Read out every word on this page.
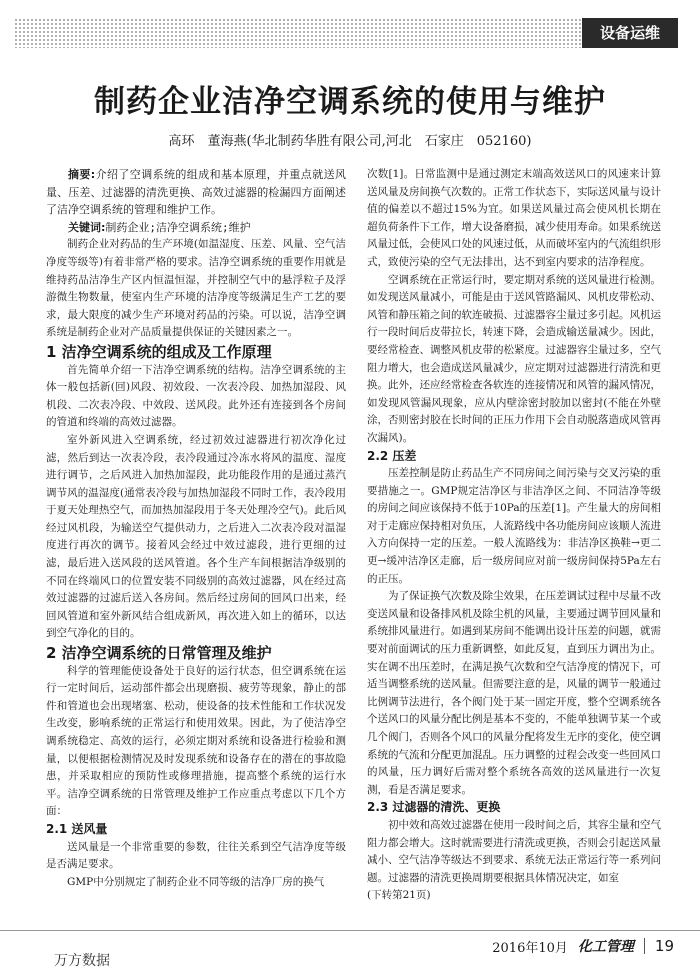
设备运维
制药企业洁净空调系统的使用与维护
高环　董海燕(华北制药华胜有限公司,河北　石家庄　052160)

摘要:介绍了空调系统的组成和基本原理，并重点就送风量、压差、过滤器的清洗更换、高效过滤器的检漏四方面阐述了洁净空调系统的管理和维护工作。

关键词:制药企业;洁净空调系统;维护

制药企业对药品的生产环境(如温湿度、压差、风量、空气洁净度等级等)有着非常严格的要求。洁净空调系统的重要作用就是维持药品洁净生产区内恒温恒湿，并控制空气中的悬浮粒子及浮游微生物数量，使室内生产环境的洁净度等级满足生产工艺的要求，最大限度的减少生产环境对药品的污染。可以说，洁净空调系统是制药企业对产品质量提供保证的关键因素之一。

1 洁净空调系统的组成及工作原理

首先简单介绍一下洁净空调系统的结构。洁净空调系统的主体一般包括新(回)风段、初效段、一次表冷段、加热加湿段、风机段、二次表冷段、中效段、送风段。此外还有连接到各个房间的管道和终端的高效过滤器。

室外新风进入空调系统，经过初效过滤器进行初次净化过滤，然后到达一次表冷段，表冷段通过冷冻水将风的温度、湿度进行调节，之后风进入加热加湿段，此功能段作用的是通过蒸汽调节风的温湿度(通常表冷段与加热加湿段不同时工作，表冷段用于夏天处理热空气，而加热加湿段用于冬天处理冷空气)。此后风经过风机段，为输送空气提供动力，之后进入二次表冷段对温湿度进行再次的调节。接着风会经过中效过滤段，进行更细的过滤，最后进入送风段的送风管道。各个生产车间根据洁净级别的不同在终端风口的位置安装不同级别的高效过滤器，风在经过高效过滤器的过滤后送入各房间。然后经过房间的回风口出来，经回风管道和室外新风结合组成新风，再次进入如上的循环，以达到空气净化的目的。

2 洁净空调系统的日常管理及维护

科学的管理能使设备处于良好的运行状态，但空调系统在运行一定时间后，运动部件都会出现磨损、疲劳等现象，静止的部件和管道也会出现堵塞、松动，使设备的技术性能和工作状况发生改变，影响系统的正常运行和使用效果。因此，为了使洁净空调系统稳定、高效的运行，必须定期对系统和设备进行检验和测量，以便根据检测情况及时发现系统和设备存在的潜在的事故隐患，并采取相应的预防性或修理措施，提高整个系统的运行水平。洁净空调系统的日常管理及维护工作应重点考虑以下几个方面：

2.1 送风量

送风量是一个非常重要的参数，往往关系到空气洁净度等级是否满足要求。

GMP中分别规定了制药企业不同等级的洁净厂房的换气

次数[1]。日常监测中是通过测定末端高效送风口的风速来计算送风量及房间换气次数的。正常工作状态下，实际送风量与设计值的偏差以不超过15%为宜。如果送风量过高会使风机长期在超负荷条件下工作，增大设备磨损，减少使用寿命。如果系统送风量过低，会使风口处的风速过低，从而破坏室内的气流组织形式，致使污染的空气无法排出，达不到室内要求的洁净程度。

空调系统在正常运行时，要定期对系统的送风量进行检测。如发现送风量减小，可能是由于送风管路漏风、风机皮带松动、风管和静压箱之间的软连破损、过滤器容尘量过多引起。风机运行一段时间后皮带拉长，转速下降，会造成输送量减少。因此，要经常检查、调整风机皮带的松紧度。过滤器容尘量过多，空气阻力增大，也会造成送风量减少，应定期对过滤器进行清洗和更换。此外，还应经常检查各软连的连接情况和风管的漏风情况，如发现风管漏风现象，应从内壁涂密封胶加以密封(不能在外壁涂，否则密封胶在长时间的正压力作用下会自动脱落造成风管再次漏风)。

2.2 压差

压差控制是防止药品生产不同房间之间污染与交叉污染的重要措施之一。GMP规定洁净区与非洁净区之间、不同洁净等级的房间之间应该保持不低于10Pa的压差[1]。产生量大的房间相对于走廊应保持相对负压，人流路线中各功能房间应该顺人流进入方向保持一定的压差。一般人流路线为：非洁净区换鞋→更二更→缓冲洁净区走廊，后一级房间应对前一级房间保持5Pa左右的正压。

为了保证换气次数及除尘效果，在压差调试过程中尽量不改变送风量和设备排风机及除尘机的风量，主要通过调节回风量和系统排风量进行。如遇到某房间不能调出设计压差的问题，就需要对前面调试的压力重新调整，如此反复，直到压力调出为止。实在调不出压差时，在满足换气次数和空气洁净度的情况下，可适当调整系统的送风量。但需要注意的是，风量的调节一般通过比例调节法进行，各个阀门处于某一固定开度，整个空调系统各个送风口的风量分配比例是基本不变的，不能单独调节某一个或几个阀门，否则各个风口的风量分配将发生无序的变化，使空调系统的气流和分配更加混乱。压力调整的过程会改变一些回风口的风量，压力调好后需对整个系统各高效的送风量进行一次复测，看是否满足要求。

2.3 过滤器的清洗、更换

初中效和高效过滤器在使用一段时间之后，其容尘量和空气阻力都会增大。这时就需要进行清洗或更换，否则会引起送风量减小、空气洁净等级达不到要求、系统无法正常运行等一系列问题。过滤器的清洗更换周期要根据具体情况决定，如室

(下转第21页)

2016年10月 化工管理 19
万方数据
